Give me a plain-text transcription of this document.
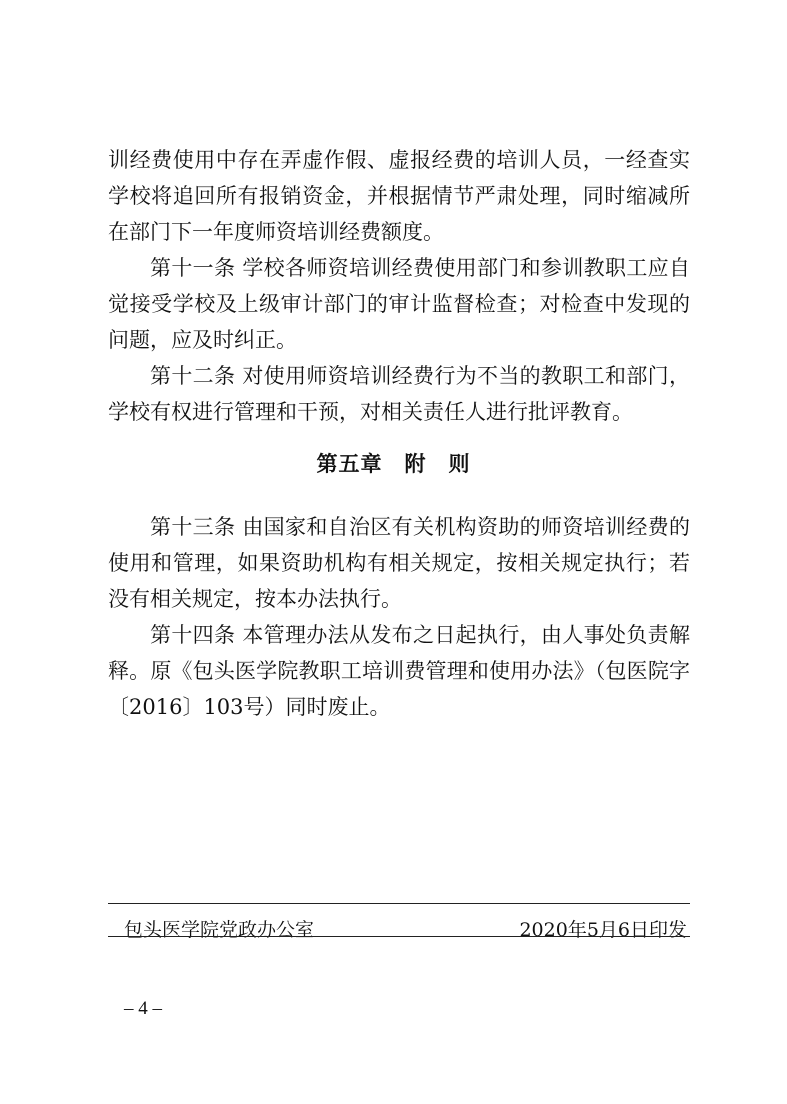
训经费使用中存在弄虚作假、虚报经费的培训人员，一经查实学校将追回所有报销资金，并根据情节严肃处理，同时缩减所在部门下一年度师资培训经费额度。

第十一条 学校各师资培训经费使用部门和参训教职工应自觉接受学校及上级审计部门的审计监督检查；对检查中发现的问题，应及时纠正。

第十二条 对使用师资培训经费行为不当的教职工和部门，学校有权进行管理和干预，对相关责任人进行批评教育。

第五章　附　则

第十三条 由国家和自治区有关机构资助的师资培训经费的使用和管理，如果资助机构有相关规定，按相关规定执行；若没有相关规定，按本办法执行。

第十四条 本管理办法从发布之日起执行，由人事处负责解释。原《包头医学院教职工培训费管理和使用办法》（包医院字〔2016〕103号）同时废止。

包头医学院党政办公室	2020年5月6日印发
– 4 –
